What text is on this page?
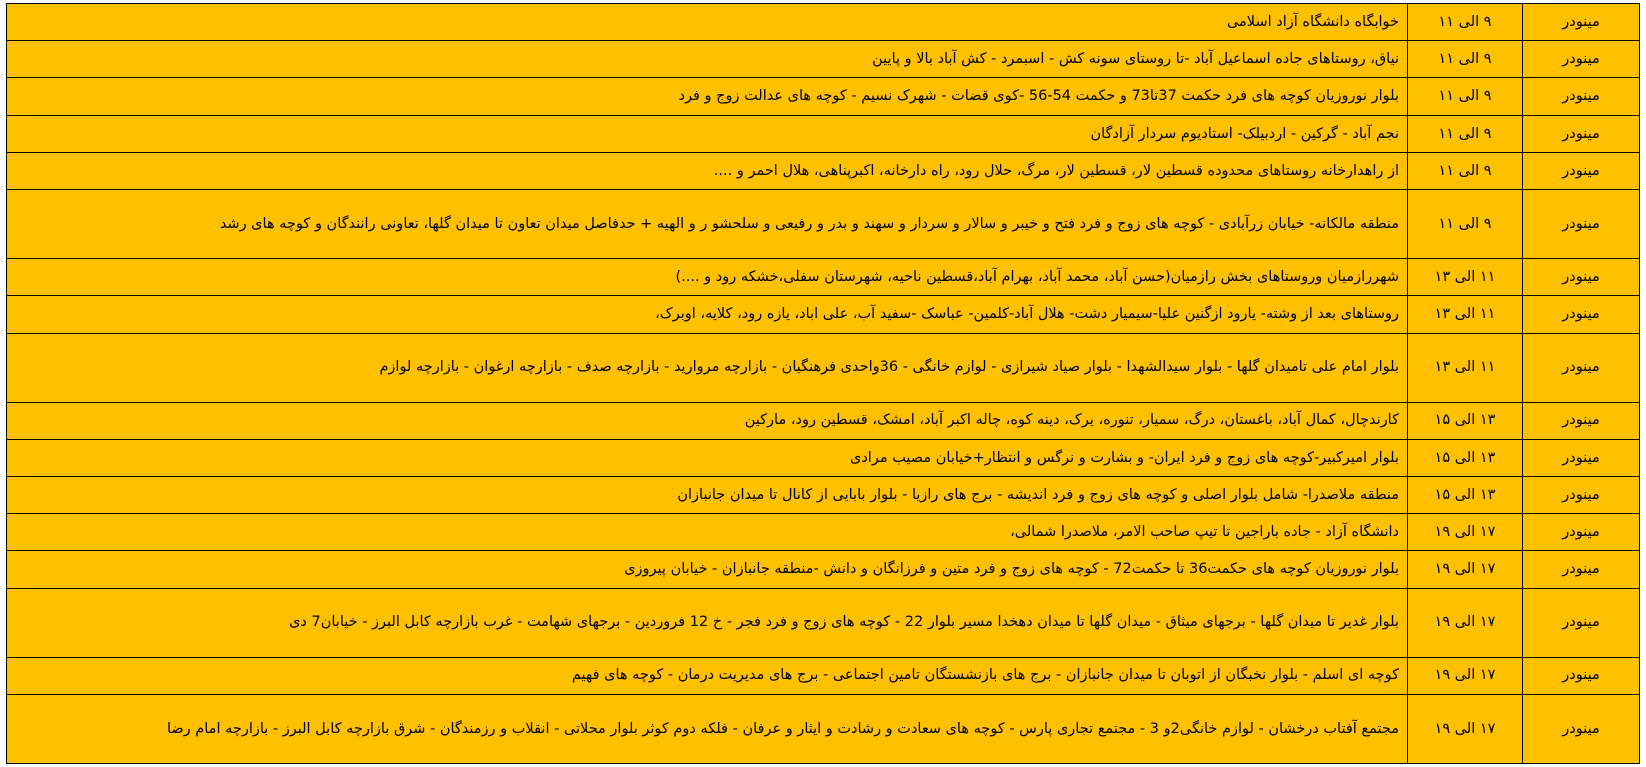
مینودر	۹ الی ۱۱	خوابگاه دانشگاه آزاد اسلامی
مینودر	۹ الی ۱۱	نیاق، روستاهای جاده اسماعیل آباد -تا روستای سونه کش - اسبمرد - کش آباد بالا و پایین
مینودر	۹ الی ۱۱	بلوار نوروزیان کوچه های فرد حکمت 37تا73 و حکمت 54-56 -کوی قضات - شهرک نسیم - کوچه های عدالت زوج و فرد
مینودر	۹ الی ۱۱	نجم آباد - گرکین - اردبیلک- استادیوم سردار آزادگان
مینودر	۹ الی ۱۱	از راهدارخانه روستاهای محدوده قسطین لار، قسطین لار، مرگ، حلال رود، راه دارخانه، اکبرپناهی، هلال احمر و ....
مینودر	۹ الی ۱۱	منطقه مالکانه- خیابان زرآبادی - کوچه های زوج و فرد فتح و خیبر و سالار و سردار و سهند و بدر و رفیعی و سلحشو ر و الهیه + حدفاصل میدان تعاون تا میدان گلها، تعاونی رانندگان و کوچه های رشد
مینودر	۱۱ الی ۱۳	شهررازمیان وروستاهای بخش رازمیان(حسن آباد، محمد آباد، بهرام آباد،قسطین ناحیه، شهرستان سفلی،خشکه رود و ....)
مینودر	۱۱ الی ۱۳	روستاهای بعد از وشته- یارود ازگنین علیا-سیمیار دشت- هلال آباد-کلمین- عباسک -سفید آب، علی اباد، یازه رود، کلایه، اوبرک،
مینودر	۱۱ الی ۱۳	بلوار امام علی تامیدان گلها - بلوار سیدالشهدا - بلوار صیاد شیرازی - لوازم خانگی - 36واحدی فرهنگیان - بازارچه مروارید - بازارچه صدف - بازارچه ارغوان - بازارچه لوازم
مینودر	۱۳ الی ۱۵	کارندچال، کمال آباد، باغستان، درگ، سمیار، تنوره، یرک، دینه کوه، چاله اکبر آباد، امشک، قسطین رود، مارکین
مینودر	۱۳ الی ۱۵	بلوار امیرکبیر-کوچه های زوج و فرد ایران- و بشارت و نرگس و انتظار+خیابان مصیب مرادی
مینودر	۱۳ الی ۱۵	منطقه ملاصدرا- شامل بلوار اصلی و کوچه های زوج و فرد اندیشه - برج های رازیا - بلوار بابایی از کانال تا میدان جانبازان
مینودر	۱۷ الی ۱۹	دانشگاه آزاد - جاده باراجین تا تیپ صاحب الامر، ملاصدرا شمالی،
مینودر	۱۷ الی ۱۹	بلوار نوروزیان کوچه های حکمت36 تا حکمت72 - کوچه های زوج و فرد متین و فرزانگان و دانش -منطقه جانبازان - خیابان پیروزی
مینودر	۱۷ الی ۱۹	بلوار غدیر تا میدان گلها - برجهای میثاق - میدان گلها تا میدان دهخدا مسیر بلوار 22 - کوچه های زوج و فرد فجر - خ 12 فروردین - برجهای شهامت - غرب بازارچه کابل البرز - خیابان7 دی
مینودر	۱۷ الی ۱۹	کوچه ای اسلم - بلوار نخبگان از اتوبان تا میدان جانبازان - برج های بازنشستگان تامین اجتماعی - برج های مدیریت درمان - کوچه های فهیم
مینودر	۱۷ الی ۱۹	مجتمع آفتاب درخشان - لوازم خانگی2و 3 - مجتمع تجاری پارس - کوچه های سعادت و رشادت و ایثار و عرفان - فلکه دوم کوثر بلوار محلاتی - انقلاب و رزمندگان - شرق بازارچه کابل البرز - بازارچه امام رضا
